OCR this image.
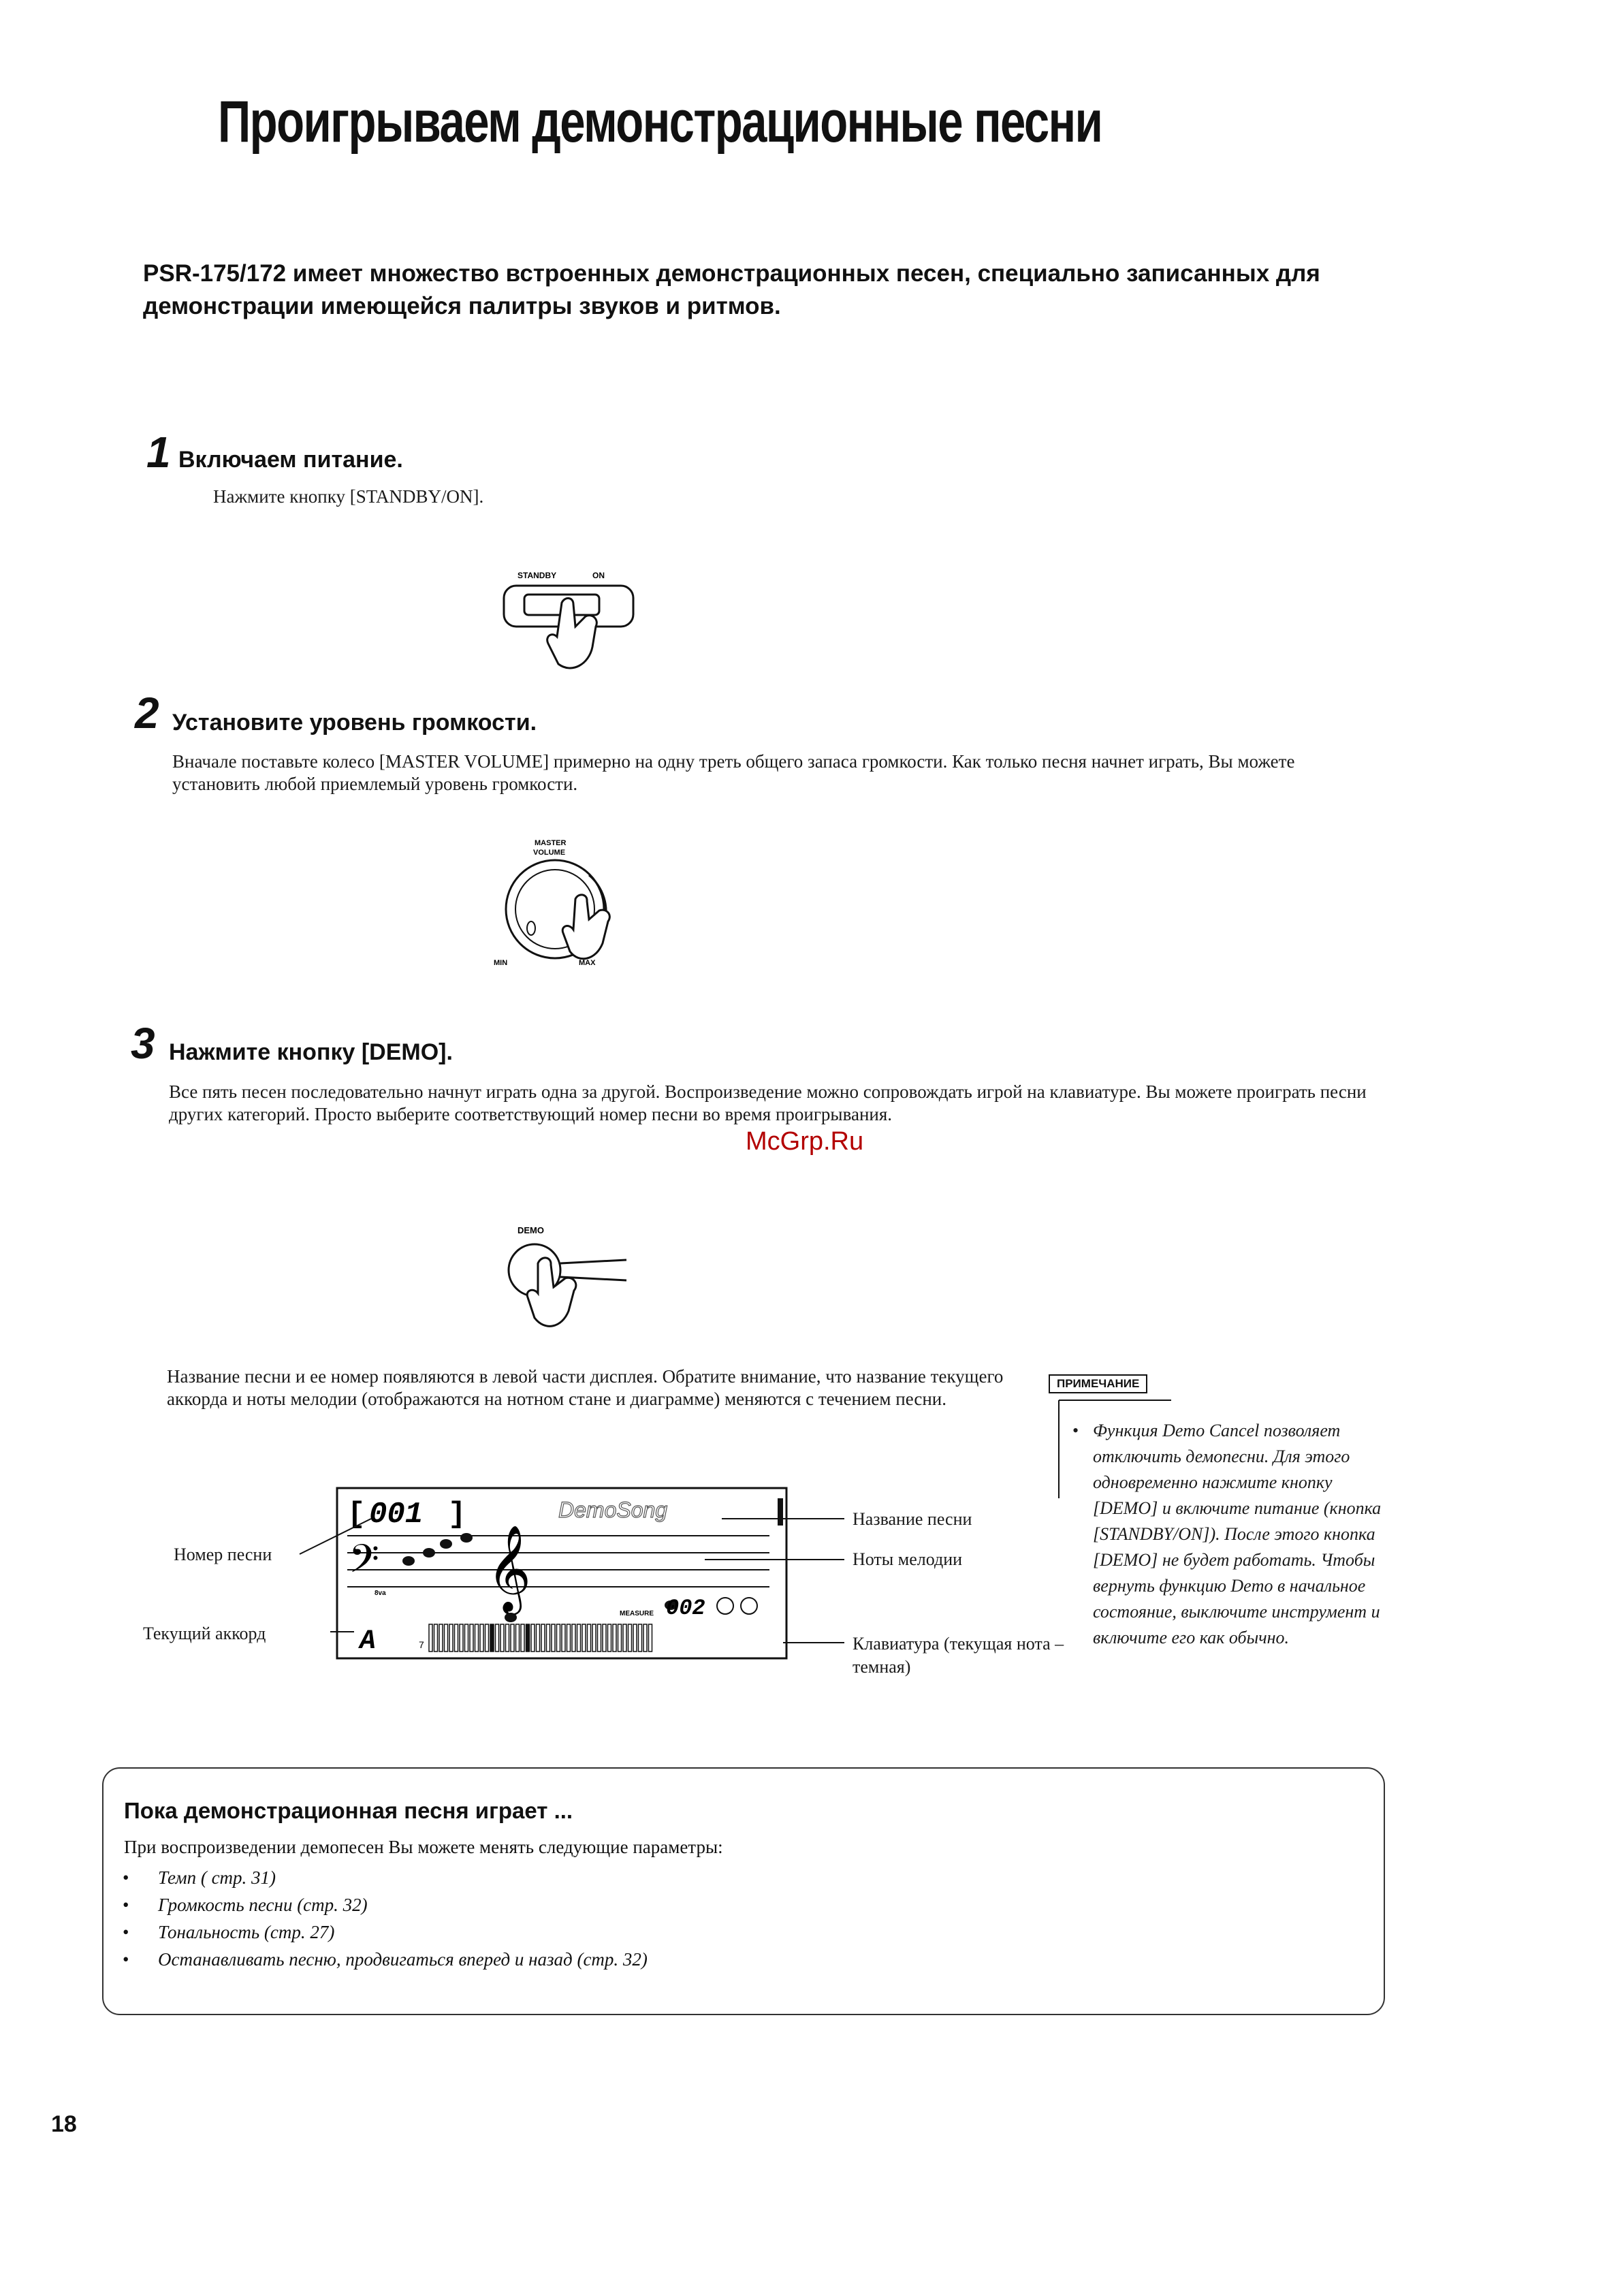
Проигрываем демонстрационные песни
PSR-175/172 имеет множество встроенных демонстрационных песен, специально записанных для демонстрации имеющейся палитры звуков и ритмов.
1 Включаем питание.
Нажмите кнопку [STANDBY/ON].
STANDBY	ON
2 Установите уровень громкости.
Вначале поставьте колесо [MASTER VOLUME] примерно на одну треть общего запаса громкости. Как только песня начнет играть, Вы можете установить любой приемлемый уровень громкости.
MASTER
VOLUME
MIN	MAX
3 Нажмите кнопку [DEMO].
Все пять песен последовательно начнут играть одна за другой. Воспроизведение можно сопровождать игрой на клавиатуре. Вы можете проиграть песни других категорий. Просто выберите соответствующий номер песни во время проигрывания.
McGrp.Ru
DEMO
Название песни и ее номер появляются в левой части дисплея. Обратите внимание, что название текущего аккорда и ноты мелодии (отображаются на нотном стане и диаграмме) меняются с течением песни.
001
[	]	DemoSong
𝄢 𝄞
8va
MEASURE 002
A	7
Номер песни
Текущий аккорд
Название песни
Ноты мелодии
Клавиатура (текущая нота – темная)
ПРИМЕЧАНИЕ
• Функция Demo Cancel позволяет отключить демопесни. Для этого одновременно нажмите кнопку [DEMO] и включите питание (кнопка [STANDBY/ON]). После этого кнопка [DEMO] не будет работать. Чтобы вернуть функцию Demo в начальное состояние, выключите инструмент и включите его как обычно.
Пока демонстрационная песня играет ...
При воспроизведении демопесен Вы можете менять следующие параметры:
• Темп ( стр. 31)
• Громкость песни (стр. 32)
• Тональность (стр. 27)
• Останавливать песню, продвигаться вперед и назад (стр. 32)
18
